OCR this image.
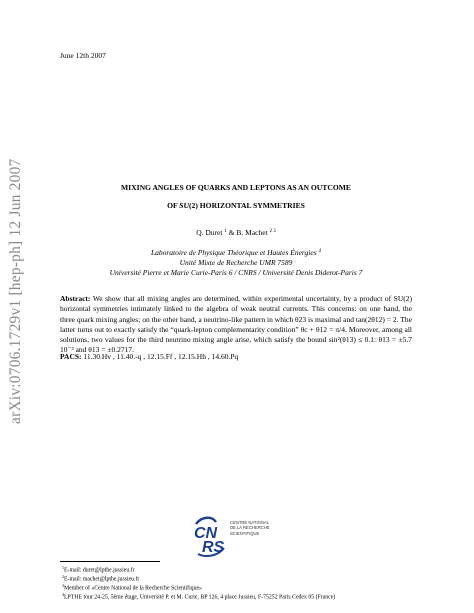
June 12th 2007
arXiv:0706.1729v1 [hep-ph] 12 Jun 2007	MIXING ANGLES OF QUARKS AND LEPTONS AS AN OUTCOME
OF SU(2) HORIZONTAL SYMMETRIES
Q. Duret $^1$ & B. Machet $^{2 3}$
Laboratoire de Physique Théorique et Hautes Énergies $^4$
Unité Mixte de Recherche UMR 7589
Université Pierre et Marie Curie-Paris 6 / CNRS / Université Denis Diderot-Paris 7
Abstract: We show that all mixing angles are determined, within experimental uncertainty, by a product of SU(2) horizontal symmetries intimately linked to the algebra of weak neutral currents. This concerns: on one hand, the three quark mixing angles; on the other hand, a neutrino-like pattern in which θ23 is maximal and tan(2θ12) = 2. The latter turns out to exactly satisfy the “quark-lepton complementarity condition” θc + θ12 = π/4. Moreover, among all solutions, two values for the third neutrino mixing angle arise, which satisfy the bound sin²(θ13) ≤ 0.1: θ13 = ±5.7 10⁻³ and θ13 = ±0.2717.
PACS: 11.30.Hv , 11.40.-q , 12.15.Ff , 12.15.Hh , 14.60.Pq
CN
RS
CENTRE NATIONAL
DE LA RECHERCHE
SCIENTIFIQUE
$^1$E-mail: duret@lpthe.jussieu.fr
$^2$E-mail: machet@lpthe.jussieu.fr
$^3$Member of «Centre National de la Recherche Scientifique»
$^4$LPTHE tour 24-25, 5ème étage, Université P. et M. Curie, BP 126, 4 place Jussieu, F-75252 Paris Cedex 05 (France)
